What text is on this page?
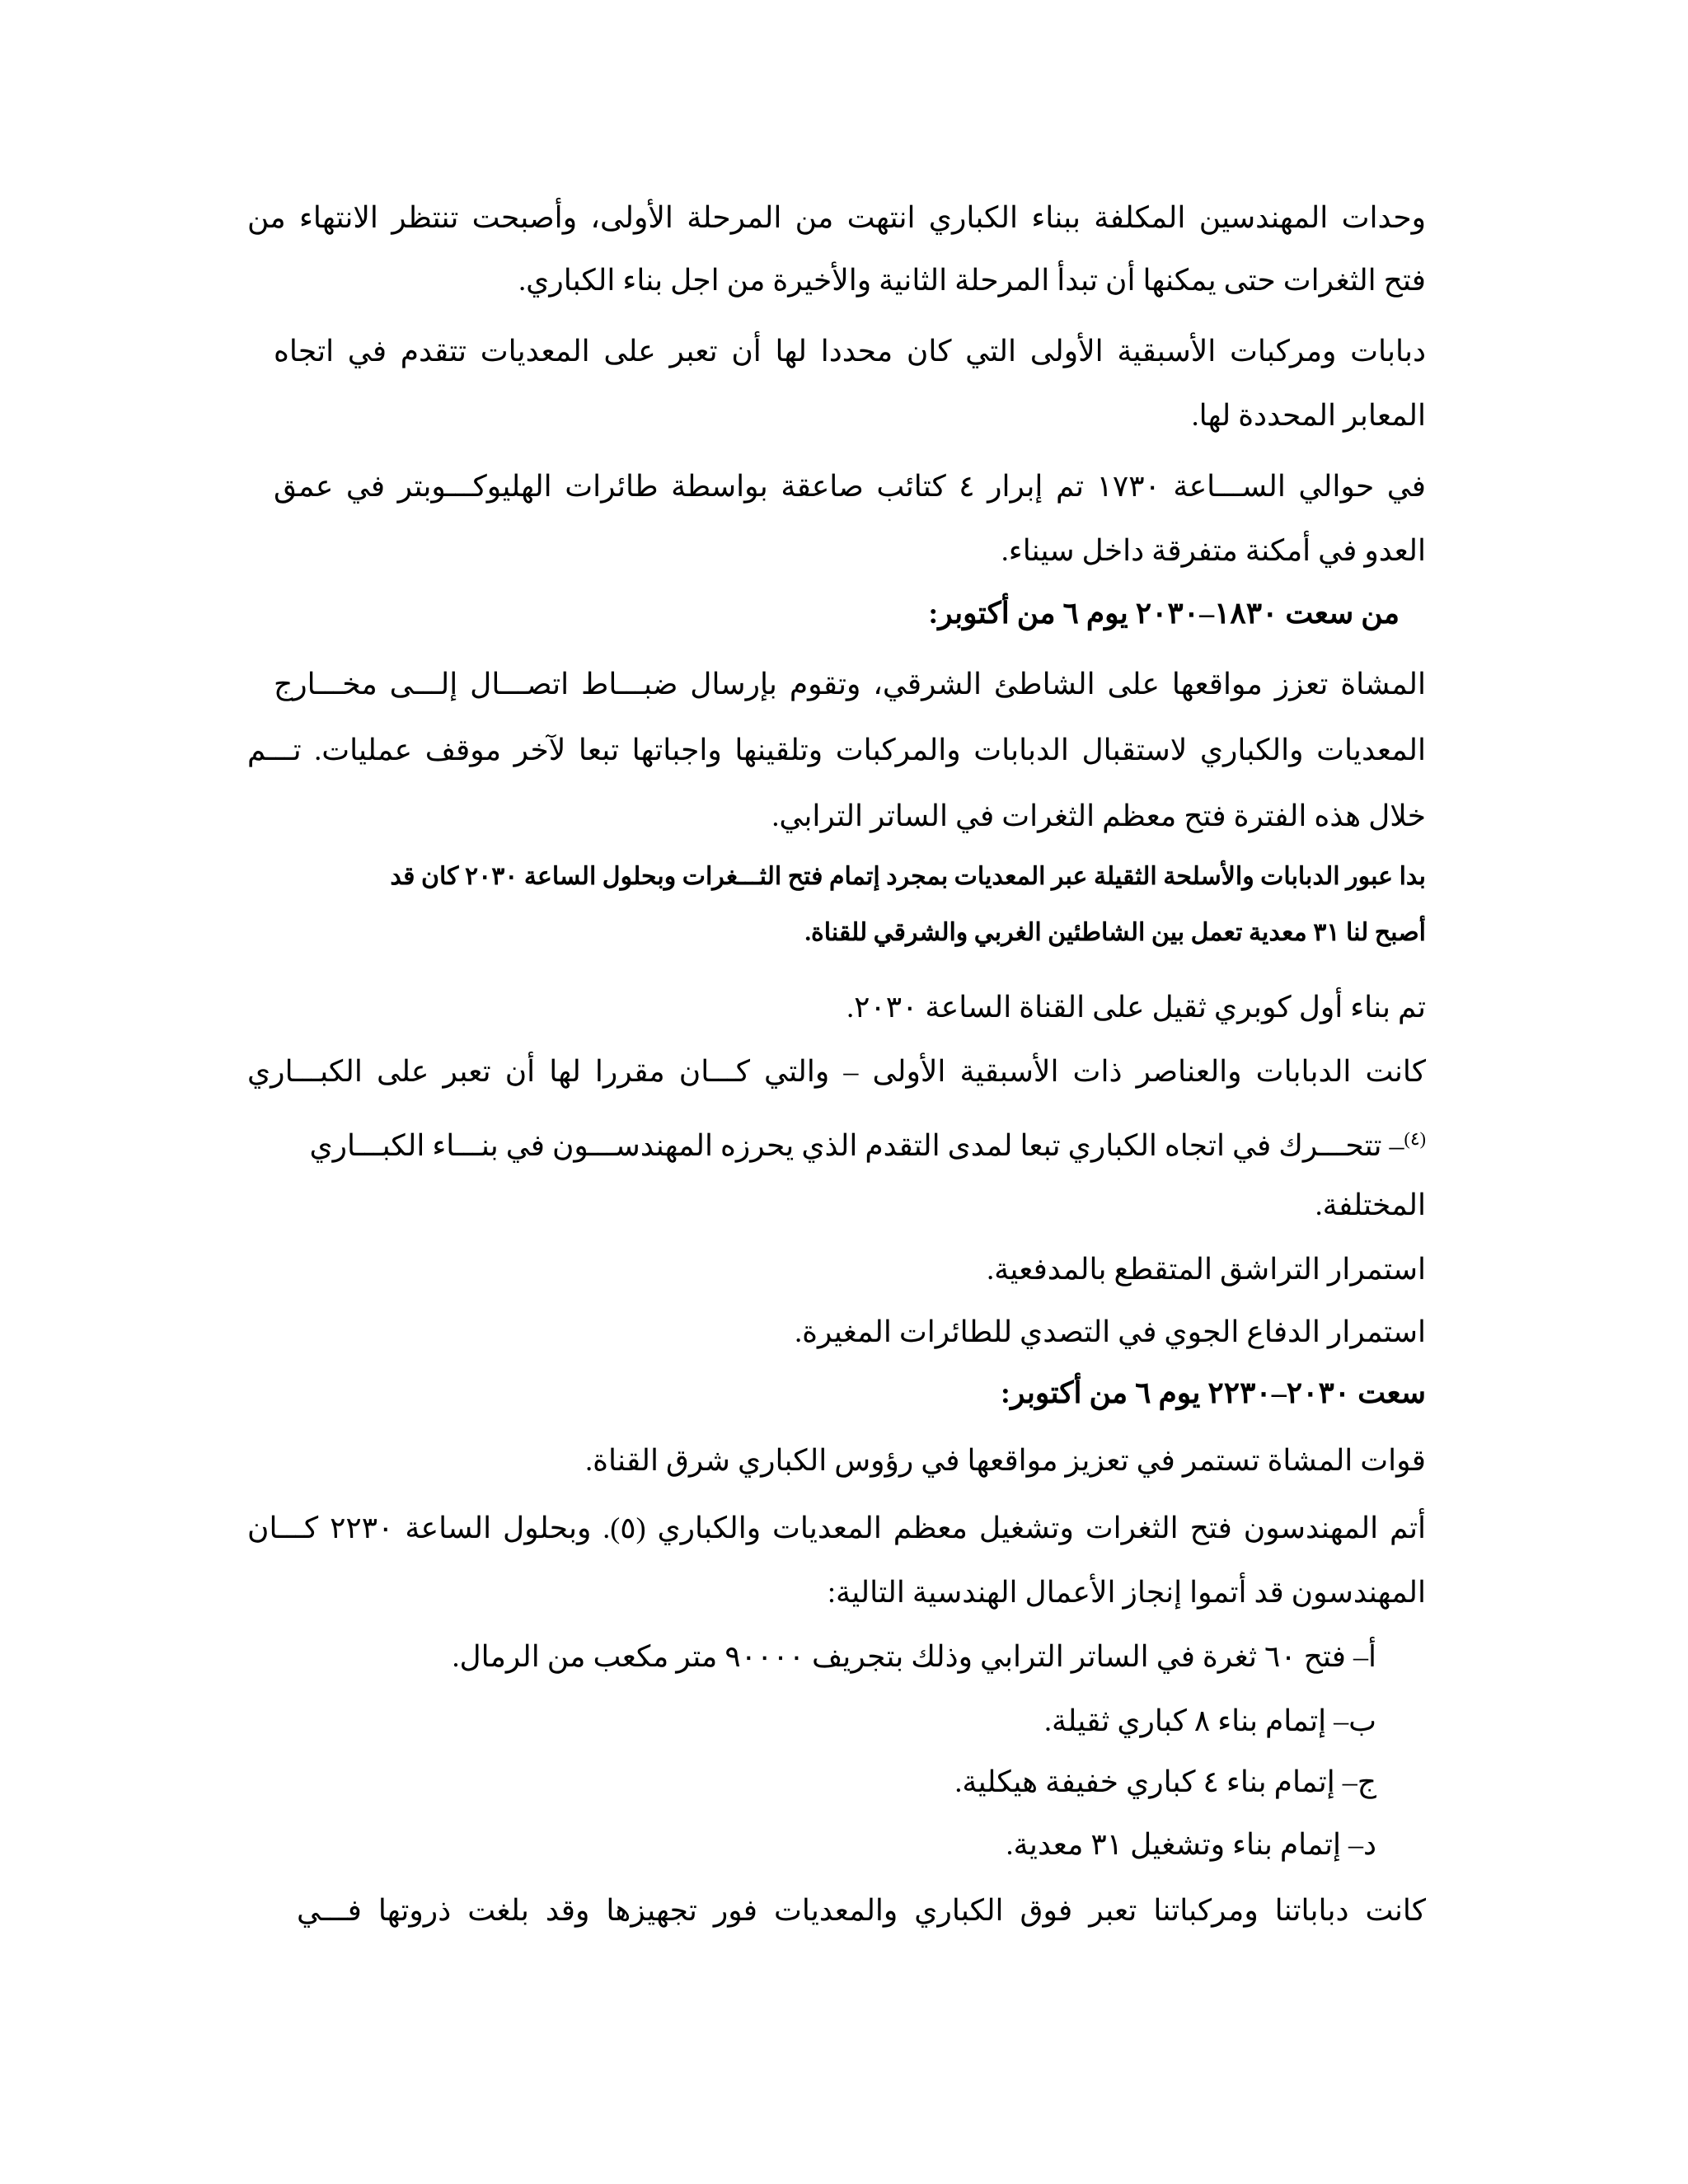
وحدات المهندسين المكلفة ببناء الكباري انتهت من المرحلة الأولى، وأصبحت تنتظر الانتهاء من
فتح الثغرات حتى يمكنها أن تبدأ المرحلة الثانية والأخيرة من اجل بناء الكباري.
دبابات ومركبات الأسبقية الأولى التي كان محددا لها أن تعبر على المعديات تتقدم في اتجاه
المعابر المحددة لها.
في حوالي الســـاعة ١٧٣٠ تم إبرار ٤ كتائب صاعقة بواسطة طائرات الهليوكـــوبتر في عمق
العدو في أمكنة متفرقة داخل سيناء.
من سعت ١٨٣٠–٢٠٣٠ يوم ٦ من أكتوبر:
المشاة تعزز مواقعها على الشاطئ الشرقي، وتقوم بإرسال ضبـــاط اتصـــال إلـــى مخـــارج
المعديات والكباري لاستقبال الدبابات والمركبات وتلقينها واجباتها تبعا لآخر موقف عمليات. تـــم
خلال هذه الفترة فتح معظم الثغرات في الساتر الترابي.
بدا عبور الدبابات والأسلحة الثقيلة عبر المعديات بمجرد إتمام فتح الثـــغرات وبحلول الساعة ٢٠٣٠ كان قد
أصبح لنا ٣١ معدية تعمل بين الشاطئين الغربي والشرقي للقناة.
تم بناء أول كوبري ثقيل على القناة الساعة ٢٠٣٠.
كانت الدبابات والعناصر ذات الأسبقية الأولى – والتي كـــان مقررا لها أن تعبر على الكبـــاري
$^{(٤)}$– تتحـــرك في اتجاه الكباري تبعا لمدى التقدم الذي يحرزه المهندســـون في بنـــاء الكبـــاري
المختلفة.
استمرار التراشق المتقطع بالمدفعية.
استمرار الدفاع الجوي في التصدي للطائرات المغيرة.
سعت ٢٠٣٠–٢٢٣٠ يوم ٦ من أكتوبر:
قوات المشاة تستمر في تعزيز مواقعها في رؤوس الكباري شرق القناة.
أتم المهندسون فتح الثغرات وتشغيل معظم المعديات والكباري (٥). وبحلول الساعة ٢٢٣٠ كـــان
المهندسون قد أتموا إنجاز الأعمال الهندسية التالية:
أ– فتح ٦٠ ثغرة في الساتر الترابي وذلك بتجريف ٩٠٠٠٠ متر مكعب من الرمال.
ب– إتمام بناء ٨ كباري ثقيلة.
ج– إتمام بناء ٤ كباري خفيفة هيكلية.
د– إتمام بناء وتشغيل ٣١ معدية.
كانت دباباتنا ومركباتنا تعبر فوق الكباري والمعديات فور تجهيزها وقد بلغت ذروتها فـــي
